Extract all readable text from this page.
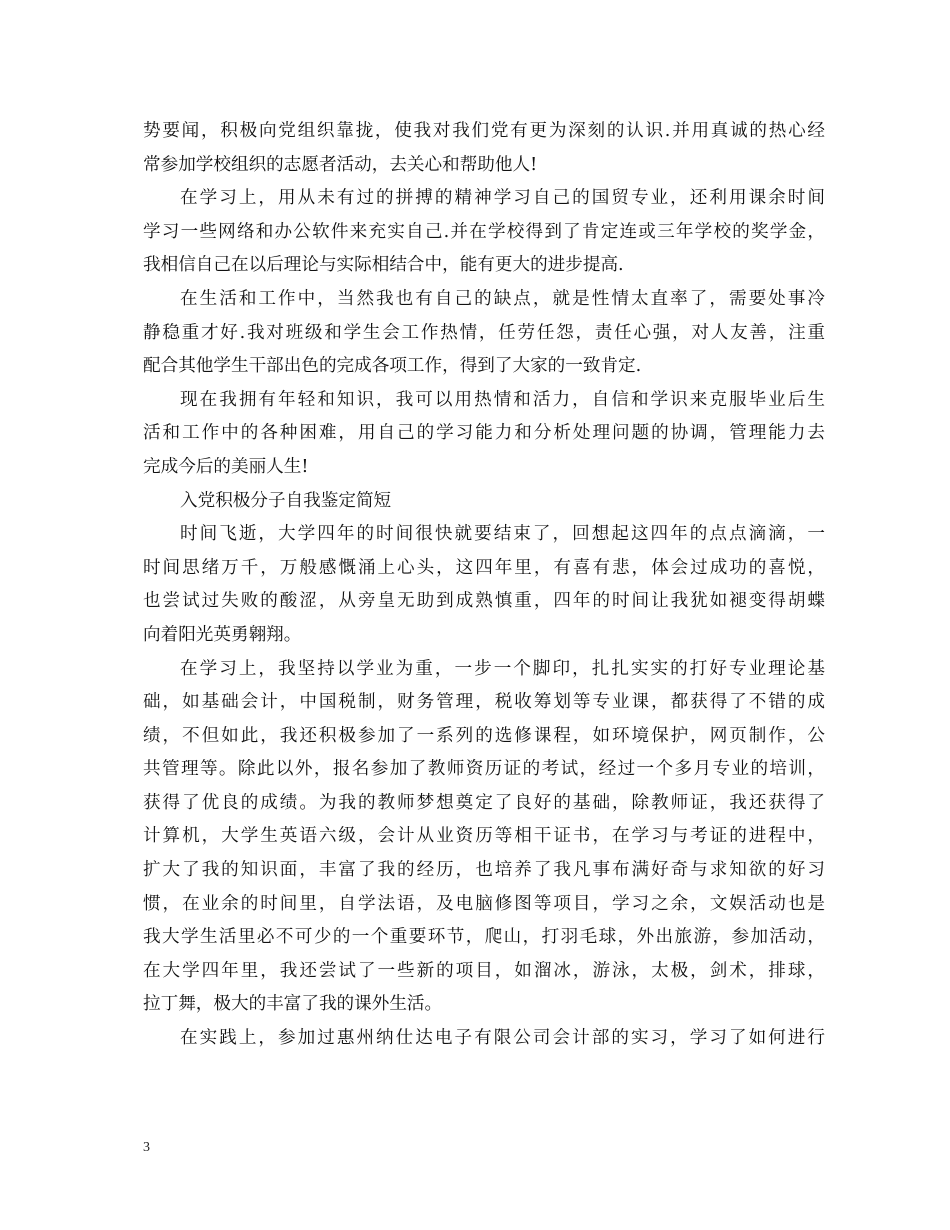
势要闻，积极向党组织靠拢，使我对我们党有更为深刻的认识.并用真诚的热心经
常参加学校组织的志愿者活动，去关心和帮助他人!
在学习上，用从未有过的拼搏的精神学习自己的国贸专业，还利用课余时间
学习一些网络和办公软件来充实自己.并在学校得到了肯定连或三年学校的奖学金，
我相信自己在以后理论与实际相结合中，能有更大的进步提高.
在生活和工作中，当然我也有自己的缺点，就是性情太直率了，需要处事冷
静稳重才好.我对班级和学生会工作热情，任劳任怨，责任心强，对人友善，注重
配合其他学生干部出色的完成各项工作，得到了大家的一致肯定.
现在我拥有年轻和知识，我可以用热情和活力，自信和学识来克服毕业后生
活和工作中的各种困难，用自己的学习能力和分析处理问题的协调，管理能力去
完成今后的美丽人生!
入党积极分子自我鉴定简短
时间飞逝，大学四年的时间很快就要结束了，回想起这四年的点点滴滴，一
时间思绪万千，万般感慨涌上心头，这四年里，有喜有悲，体会过成功的喜悦，
也尝试过失败的酸涩，从旁皇无助到成熟慎重，四年的时间让我犹如褪变得胡蝶
向着阳光英勇翱翔。
在学习上，我坚持以学业为重，一步一个脚印，扎扎实实的打好专业理论基
础，如基础会计，中国税制，财务管理，税收筹划等专业课，都获得了不错的成
绩，不但如此，我还积极参加了一系列的选修课程，如环境保护，网页制作，公
共管理等。除此以外，报名参加了教师资历证的考试，经过一个多月专业的培训，
获得了优良的成绩。为我的教师梦想奠定了良好的基础，除教师证，我还获得了
计算机，大学生英语六级，会计从业资历等相干证书，在学习与考证的进程中，
扩大了我的知识面，丰富了我的经历，也培养了我凡事布满好奇与求知欲的好习
惯，在业余的时间里，自学法语，及电脑修图等项目，学习之余，文娱活动也是
我大学生活里必不可少的一个重要环节，爬山，打羽毛球，外出旅游，参加活动，
在大学四年里，我还尝试了一些新的项目，如溜冰，游泳，太极，剑术，排球，
拉丁舞，极大的丰富了我的课外生活。
在实践上，参加过惠州纳仕达电子有限公司会计部的实习，学习了如何进行
3
